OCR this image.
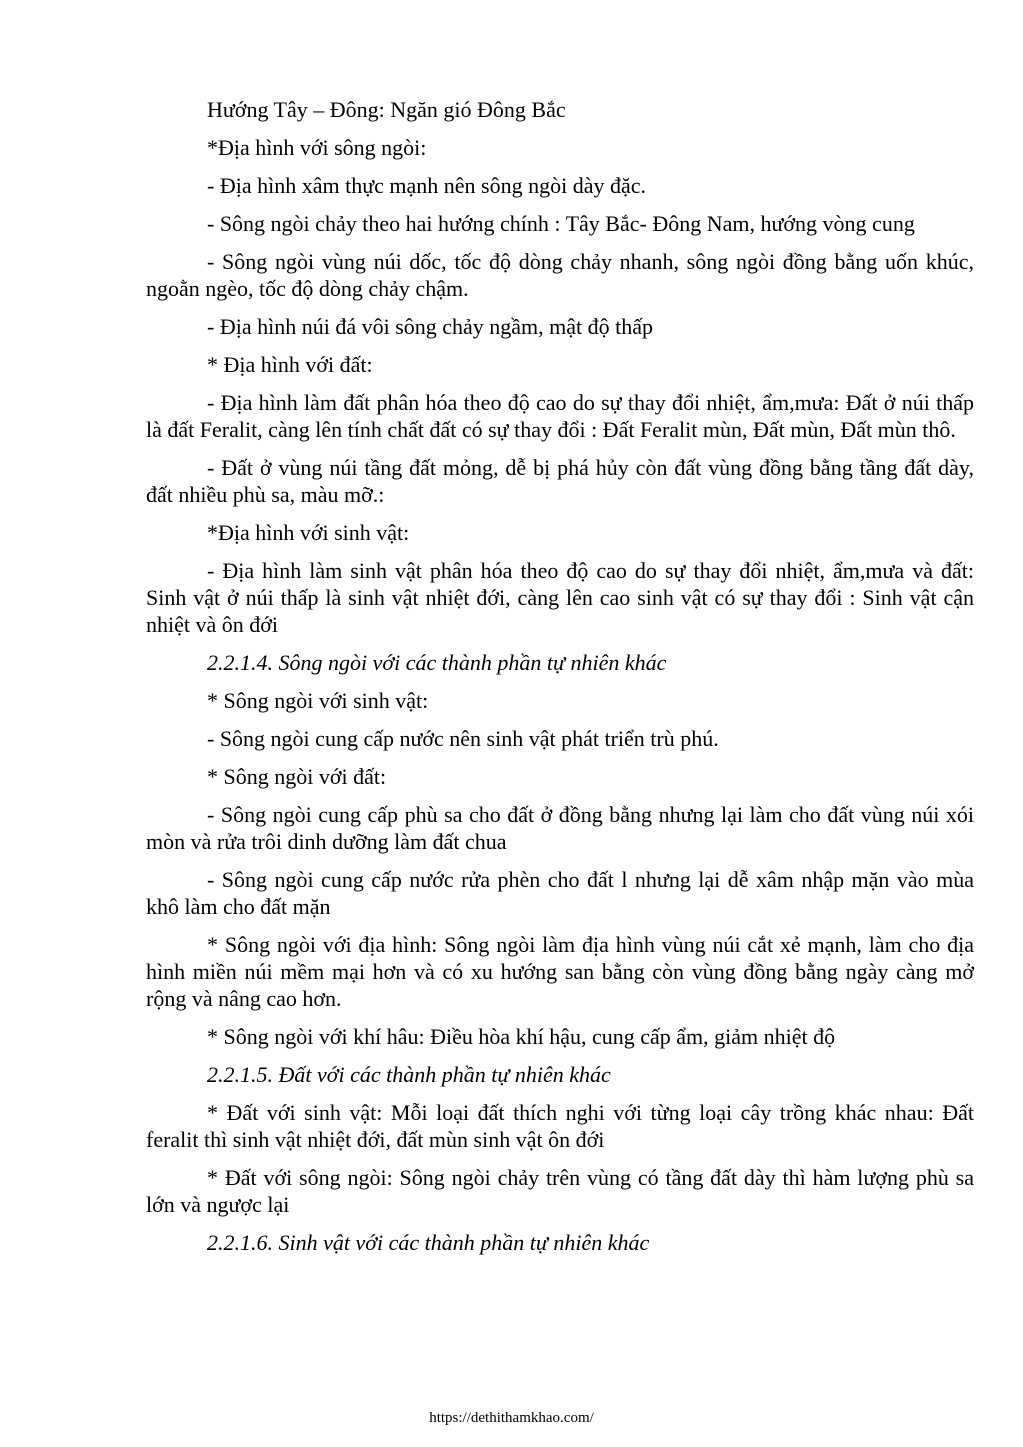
Hướng Tây – Đông: Ngăn gió Đông Bắc

*Địa hình với sông ngòi:

- Địa hình xâm thực mạnh nên sông ngòi dày đặc.

- Sông ngòi chảy theo hai hướng chính : Tây Bắc- Đông Nam, hướng vòng cung

- Sông ngòi vùng núi dốc, tốc độ dòng chảy nhanh, sông ngòi đồng bằng uốn khúc, ngoằn ngèo, tốc độ dòng chảy chậm.

- Địa hình núi đá vôi sông chảy ngầm, mật độ thấp

* Địa hình với đất:

- Địa hình làm đất phân hóa theo độ cao do sự thay đổi nhiệt, ẩm,mưa: Đất ở núi thấp là đất Feralit, càng lên tính chất đất có sự thay đổi : Đất Feralit mùn, Đất mùn, Đất mùn thô.

- Đất ở vùng núi tầng đất mỏng, dễ bị phá hủy còn đất vùng đồng bằng tầng đất dày, đất nhiều phù sa, màu mỡ.:

*Địa hình với sinh vật:

- Địa hình làm sinh vật phân hóa theo độ cao do sự thay đổi nhiệt, ẩm,mưa và đất: Sinh vật ở núi thấp là sinh vật nhiệt đới, càng lên cao sinh vật có sự thay đổi : Sinh vật cận nhiệt và ôn đới

2.2.1.4. Sông ngòi với các thành phần tự nhiên khác

* Sông ngòi với sinh vật:

- Sông ngòi cung cấp nước nên sinh vật phát triển trù phú.

* Sông ngòi với đất:

- Sông ngòi cung cấp phù sa cho đất ở đồng bằng nhưng lại làm cho đất vùng núi xói mòn và rửa trôi dinh dưỡng làm đất chua

- Sông ngòi cung cấp nước rửa phèn cho đất l nhưng lại dễ xâm nhập mặn vào mùa khô làm cho đất mặn

* Sông ngòi với địa hình: Sông ngòi làm địa hình vùng núi cắt xẻ mạnh, làm cho địa hình miền núi mềm mại hơn và có xu hướng san bằng còn vùng đồng bằng ngày càng mở rộng và nâng cao hơn.

* Sông ngòi với khí hâu: Điều hòa khí hậu, cung cấp ẩm, giảm nhiệt độ

2.2.1.5. Đất với các thành phần tự nhiên khác

* Đất với sinh vật: Mỗi loại đất thích nghi với từng loại cây trồng khác nhau: Đất feralit thì sinh vật nhiệt đới, đất mùn sinh vật ôn đới

* Đất với sông ngòi: Sông ngòi chảy trên vùng có tầng đất dày thì hàm lượng phù sa lớn và ngược lại

2.2.1.6. Sinh vật với các thành phần tự nhiên khác

https://dethithamkhao.com/
